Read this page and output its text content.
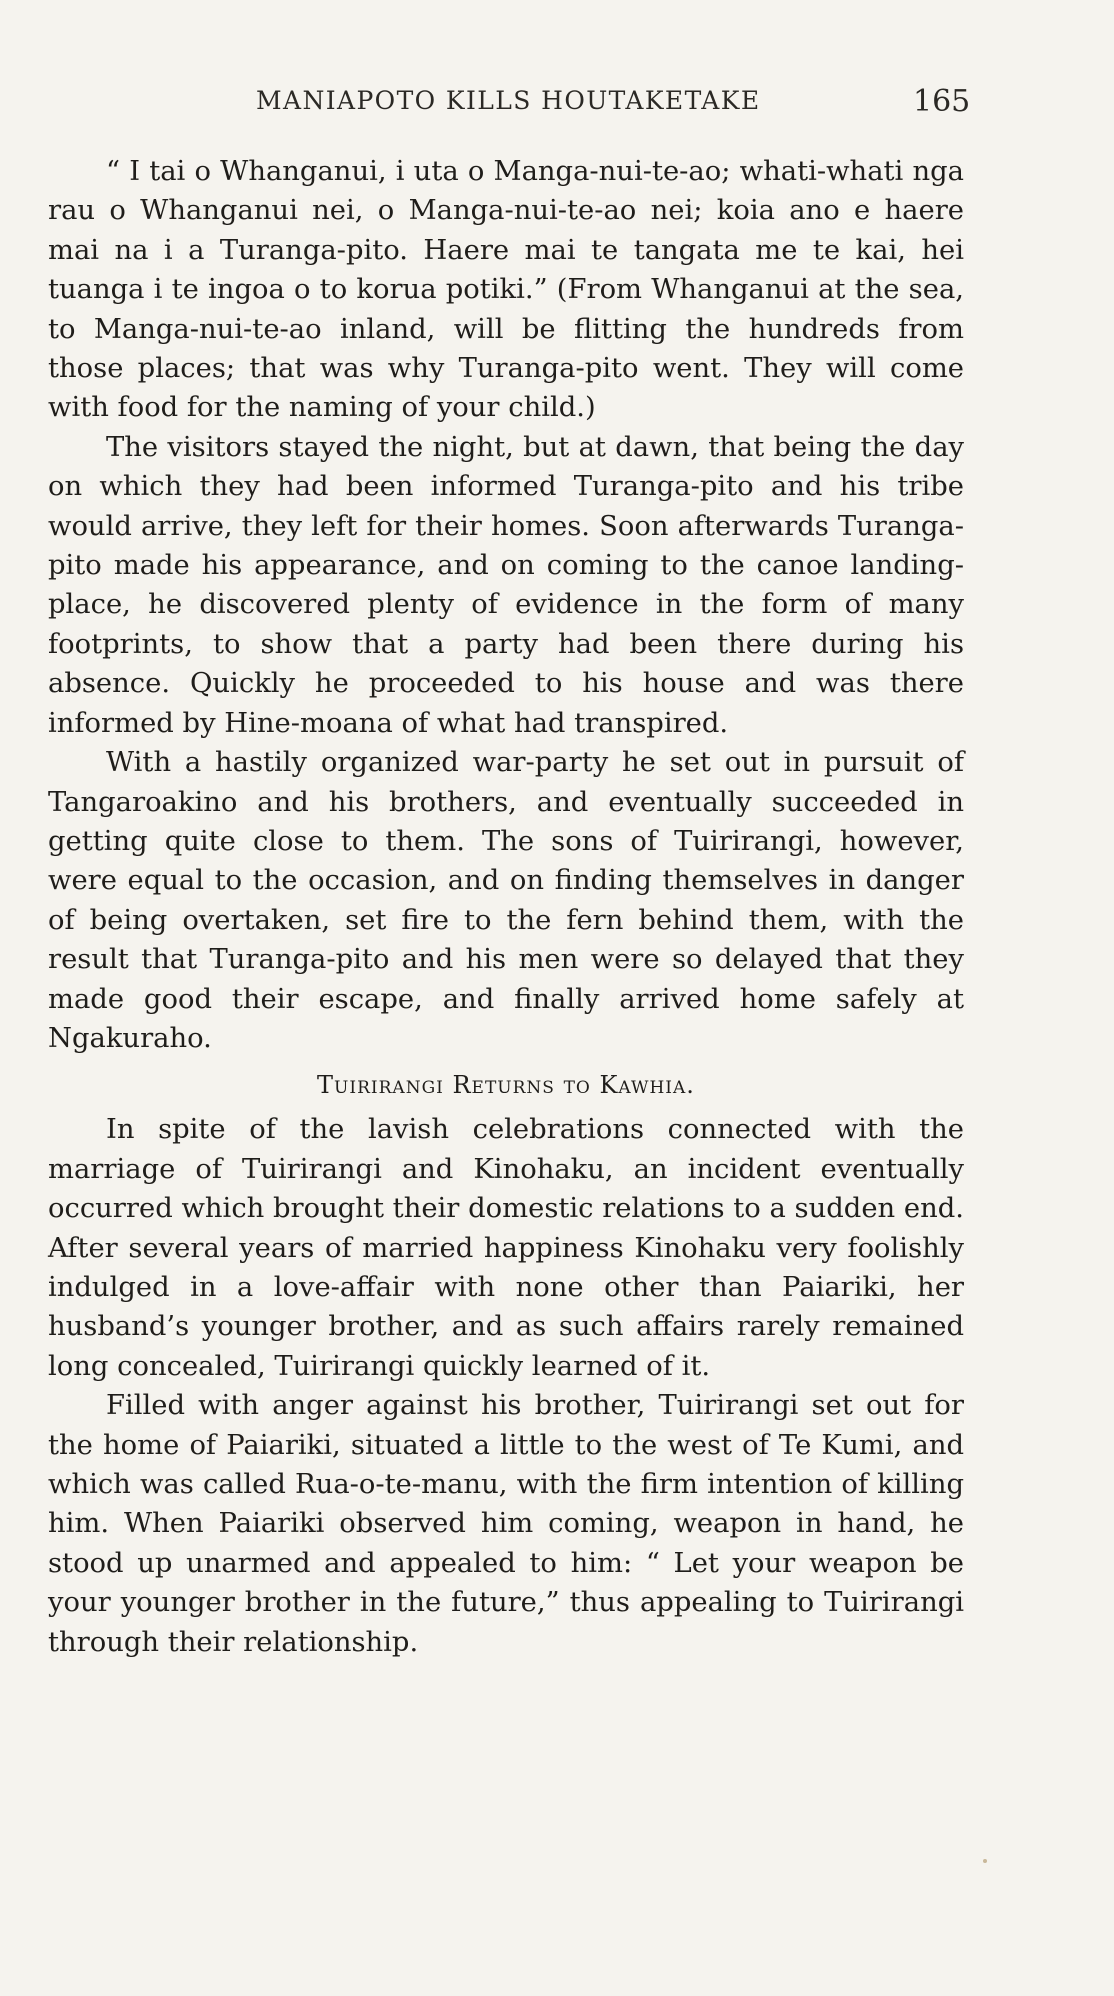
MANIAPOTO KILLS HOUTAKETAKE	165

“ I tai o Whanganui, i uta o Manga-nui-te-ao; whati-whati nga rau o Whanganui nei, o Manga-nui-te-ao nei; koia ano e haere mai na i a Turanga-pito. Haere mai te tangata me te kai, hei tuanga i te ingoa o to korua potiki.” (From Whanganui at the sea, to Manga-nui-te-ao inland, will be flitting the hundreds from those places; that was why Turanga-pito went. They will come with food for the naming of your child.)

The visitors stayed the night, but at dawn, that being the day on which they had been informed Turanga-pito and his tribe would arrive, they left for their homes. Soon afterwards Turanga-pito made his appearance, and on coming to the canoe landing-place, he discovered plenty of evidence in the form of many footprints, to show that a party had been there during his absence. Quickly he proceeded to his house and was there informed by Hine-moana of what had transpired.

With a hastily organized war-party he set out in pursuit of Tangaroakino and his brothers, and eventually succeeded in getting quite close to them. The sons of Tuirirangi, however, were equal to the occasion, and on finding themselves in danger of being overtaken, set fire to the fern behind them, with the result that Turanga-pito and his men were so delayed that they made good their escape, and finally arrived home safely at Ngakuraho.

Tuirirangi Returns to Kawhia.

In spite of the lavish celebrations connected with the marriage of Tuirirangi and Kinohaku, an incident eventually occurred which brought their domestic relations to a sudden end. After several years of married happiness Kinohaku very foolishly indulged in a love-affair with none other than Paiariki, her husband’s younger brother, and as such affairs rarely remained long concealed, Tuirirangi quickly learned of it.

Filled with anger against his brother, Tuirirangi set out for the home of Paiariki, situated a little to the west of Te Kumi, and which was called Rua-o-te-manu, with the firm intention of killing him. When Paiariki observed him coming, weapon in hand, he stood up unarmed and appealed to him: “ Let your weapon be your younger brother in the future,” thus appealing to Tuirirangi through their relationship.
